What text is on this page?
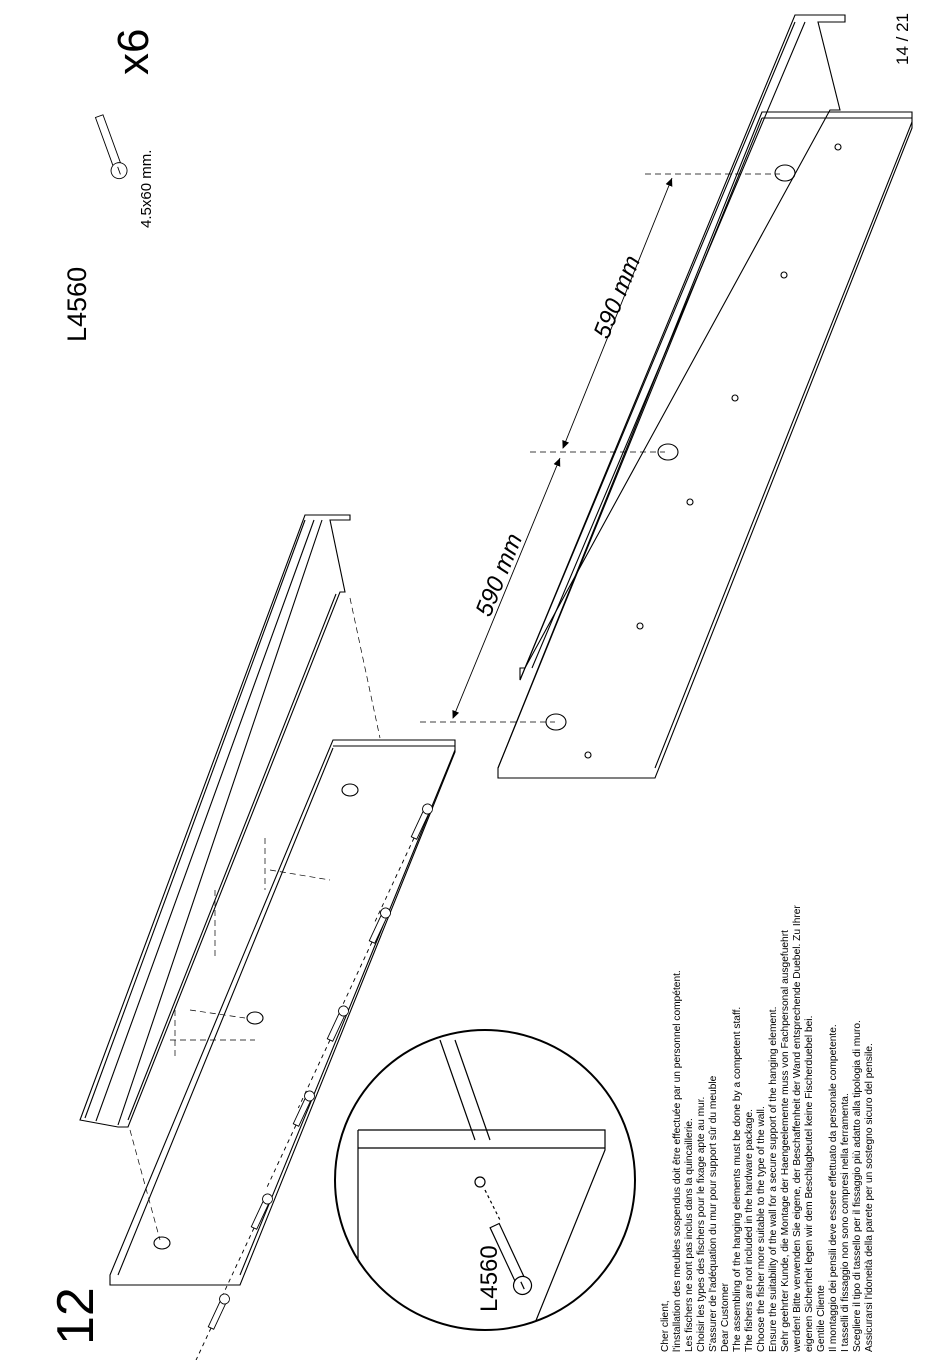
12
x6	14 / 21
L4560
L4560
4.5x60 mm.
Cher client, l'installation des meubles sospendus doit être effectuée par un personnel compétent. Les fischers ne sont pas inclus dans la quincaillerie. Choisir les types des fischers pour le fixage apte au mur. S'assurer de l'adéquation du mur pour support sûr du meuble Dear Customer The assembling of the hanging elements must be done by a competent staff. The fishers are not included in the hardware package. Choose the fisher more suitable to the type of the wall. Ensure the suitability of the wall for a secure support of the hanging element. Sehr geehrter Kunde, die Montage der Haengeelemente muss von Fachpersonal ausgefuehrt werden! Bitte verwenden Sie eigene, der Beschaffenheit der Wand entsprechende Duebel. Zu Ihrer eigenen Sicherheit legen wir dem Beschlagbeutel keine Fischerduebel bei. Gentile Cliente Il montaggio dei pensili deve essere effettuato da personale competente. I tasselli di fissaggio non sono compresi nella ferramenta. Scegliere il tipo di tassello per il fissaggio più adatto alla tipologia di muro. Assicurarsi l'idoneità della parete per un sostegno sicuro del pensile.
590 mm
590 mm
